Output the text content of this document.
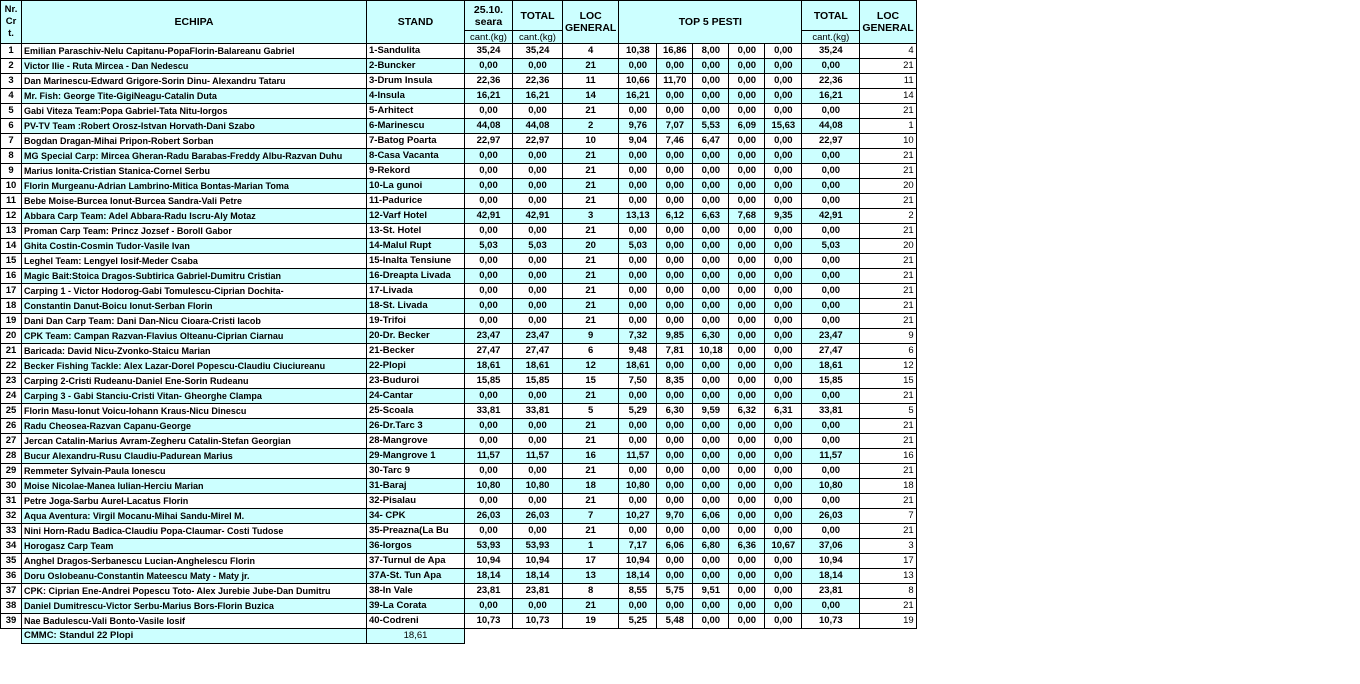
Nr. Cr t.	ECHIPA	STAND	25.10. seara	TOTAL	LOC GENERAL	TOP 5 PESTI					TOTAL	LOC GENERAL
			cant.(kg)	cant.(kg)							cant.(kg)	
1	Emilian Paraschiv-Nelu Capitanu-PopaFlorin-Balareanu Gabriel	1-Sandulita	35,24	35,24	4	10,38	16,86	8,00	0,00	0,00	35,24	4
2	Victor Ilie - Ruta Mircea - Dan Nedescu	2-Buncker	0,00	0,00	21	0,00	0,00	0,00	0,00	0,00	0,00	21
3	Dan Marinescu-Edward Grigore-Sorin Dinu- Alexandru Tataru	3-Drum Insula	22,36	22,36	11	10,66	11,70	0,00	0,00	0,00	22,36	11
4	Mr. Fish: George Tite-GigiNeagu-Catalin Duta	4-Insula	16,21	16,21	14	16,21	0,00	0,00	0,00	0,00	16,21	14
5	Gabi Viteza Team:Popa Gabriel-Tata Nitu-Iorgos	5-Arhitect	0,00	0,00	21	0,00	0,00	0,00	0,00	0,00	0,00	21
6	PV-TV Team :Robert Orosz-Istvan Horvath-Dani Szabo	6-Marinescu	44,08	44,08	2	9,76	7,07	5,53	6,09	15,63	44,08	1
7	Bogdan Dragan-Mihai Pripon-Robert Sorban	7-Batog Poarta	22,97	22,97	10	9,04	7,46	6,47	0,00	0,00	22,97	10
8	MG Special Carp: Mircea Gheran-Radu Barabas-Freddy Albu-Razvan Duhu	8-Casa Vacanta	0,00	0,00	21	0,00	0,00	0,00	0,00	0,00	0,00	21
9	Marius Ionita-Cristian Stanica-Cornel Serbu	9-Rekord	0,00	0,00	21	0,00	0,00	0,00	0,00	0,00	0,00	21
10	Florin Murgeanu-Adrian Lambrino-Mitica Bontas-Marian Toma	10-La gunoi	0,00	0,00	21	0,00	0,00	0,00	0,00	0,00	0,00	20
11	Bebe Moise-Burcea Ionut-Burcea Sandra-Vali Petre	11-Padurice	0,00	0,00	21	0,00	0,00	0,00	0,00	0,00	0,00	21
12	Abbara Carp Team: Adel Abbara-Radu Iscru-Aly Motaz	12-Varf Hotel	42,91	42,91	3	13,13	6,12	6,63	7,68	9,35	42,91	2
13	Proman Carp Team: Princz Jozsef - Boroll Gabor	13-St. Hotel	0,00	0,00	21	0,00	0,00	0,00	0,00	0,00	0,00	21
14	Ghita Costin-Cosmin Tudor-Vasile Ivan	14-Malul Rupt	5,03	5,03	20	5,03	0,00	0,00	0,00	0,00	5,03	20
15	Leghel Team: Lengyel Iosif-Meder Csaba	15-Inalta Tensiune	0,00	0,00	21	0,00	0,00	0,00	0,00	0,00	0,00	21
16	Magic Bait:Stoica Dragos-Subtirica Gabriel-Dumitru Cristian	16-Dreapta Livada	0,00	0,00	21	0,00	0,00	0,00	0,00	0,00	0,00	21
17	Carping 1 - Victor Hodorog-Gabi Tomulescu-Ciprian Dochita-	17-Livada	0,00	0,00	21	0,00	0,00	0,00	0,00	0,00	0,00	21
18	Constantin Danut-Boicu Ionut-Serban Florin	18-St. Livada	0,00	0,00	21	0,00	0,00	0,00	0,00	0,00	0,00	21
19	Dani Dan Carp Team: Dani Dan-Nicu Cioara-Cristi Iacob	19-Trifoi	0,00	0,00	21	0,00	0,00	0,00	0,00	0,00	0,00	21
20	CPK Team: Campan Razvan-Flavius Olteanu-Ciprian Ciarnau	20-Dr. Becker	23,47	23,47	9	7,32	9,85	6,30	0,00	0,00	23,47	9
21	Baricada: David Nicu-Zvonko-Staicu Marian	21-Becker	27,47	27,47	6	9,48	7,81	10,18	0,00	0,00	27,47	6
22	Becker Fishing Tackle: Alex Lazar-Dorel Popescu-Claudiu Ciuciureanu	22-Plopi	18,61	18,61	12	18,61	0,00	0,00	0,00	0,00	18,61	12
23	Carping 2-Cristi Rudeanu-Daniel Ene-Sorin Rudeanu	23-Buduroi	15,85	15,85	15	7,50	8,35	0,00	0,00	0,00	15,85	15
24	Carping 3 - Gabi Stanciu-Cristi Vitan- Gheorghe Clampa	24-Cantar	0,00	0,00	21	0,00	0,00	0,00	0,00	0,00	0,00	21
25	Florin Masu-Ionut Voicu-Iohann Kraus-Nicu Dinescu	25-Scoala	33,81	33,81	5	5,29	6,30	9,59	6,32	6,31	33,81	5
26	Radu Cheosea-Razvan Capanu-George	26-Dr.Tarc 3	0,00	0,00	21	0,00	0,00	0,00	0,00	0,00	0,00	21
27	Jercan Catalin-Marius Avram-Zegheru Catalin-Stefan Georgian	28-Mangrove	0,00	0,00	21	0,00	0,00	0,00	0,00	0,00	0,00	21
28	Bucur Alexandru-Rusu Claudiu-Padurean Marius	29-Mangrove 1	11,57	11,57	16	11,57	0,00	0,00	0,00	0,00	11,57	16
29	Remmeter Sylvain-Paula Ionescu	30-Tarc 9	0,00	0,00	21	0,00	0,00	0,00	0,00	0,00	0,00	21
30	Moise Nicolae-Manea Iulian-Herciu Marian	31-Baraj	10,80	10,80	18	10,80	0,00	0,00	0,00	0,00	10,80	18
31	Petre Joga-Sarbu Aurel-Lacatus Florin	32-Pisalau	0,00	0,00	21	0,00	0,00	0,00	0,00	0,00	0,00	21
32	Aqua Aventura: Virgil Mocanu-Mihai Sandu-Mirel M.	34- CPK	26,03	26,03	7	10,27	9,70	6,06	0,00	0,00	26,03	7
33	Nini Horn-Radu Badica-Claudiu Popa-Claumar- Costi Tudose	35-Preazna(La Bu	0,00	0,00	21	0,00	0,00	0,00	0,00	0,00	0,00	21
34	Horogasz Carp Team	36-Iorgos	53,93	53,93	1	7,17	6,06	6,80	6,36	10,67	37,06	3
35	Anghel Dragos-Serbanescu Lucian-Anghelescu Florin	37-Turnul de Apa	10,94	10,94	17	10,94	0,00	0,00	0,00	0,00	10,94	17
36	Doru Oslobeanu-Constantin Mateescu Maty - Maty jr.	37A-St. Tun Apa	18,14	18,14	13	18,14	0,00	0,00	0,00	0,00	18,14	13
37	CPK: Ciprian Ene-Andrei Popescu Toto- Alex Jurebie Jube-Dan Dumitru	38-In Vale	23,81	23,81	8	8,55	5,75	9,51	0,00	0,00	23,81	8
38	Daniel Dumitrescu-Victor Serbu-Marius Bors-Florin Buzica	39-La Corata	0,00	0,00	21	0,00	0,00	0,00	0,00	0,00	0,00	21
39	Nae Badulescu-Vali Bonto-Vasile Iosif	40-Codreni	10,73	10,73	19	5,25	5,48	0,00	0,00	0,00	10,73	19
	CMMC: Standul 22 Plopi	18,61										
